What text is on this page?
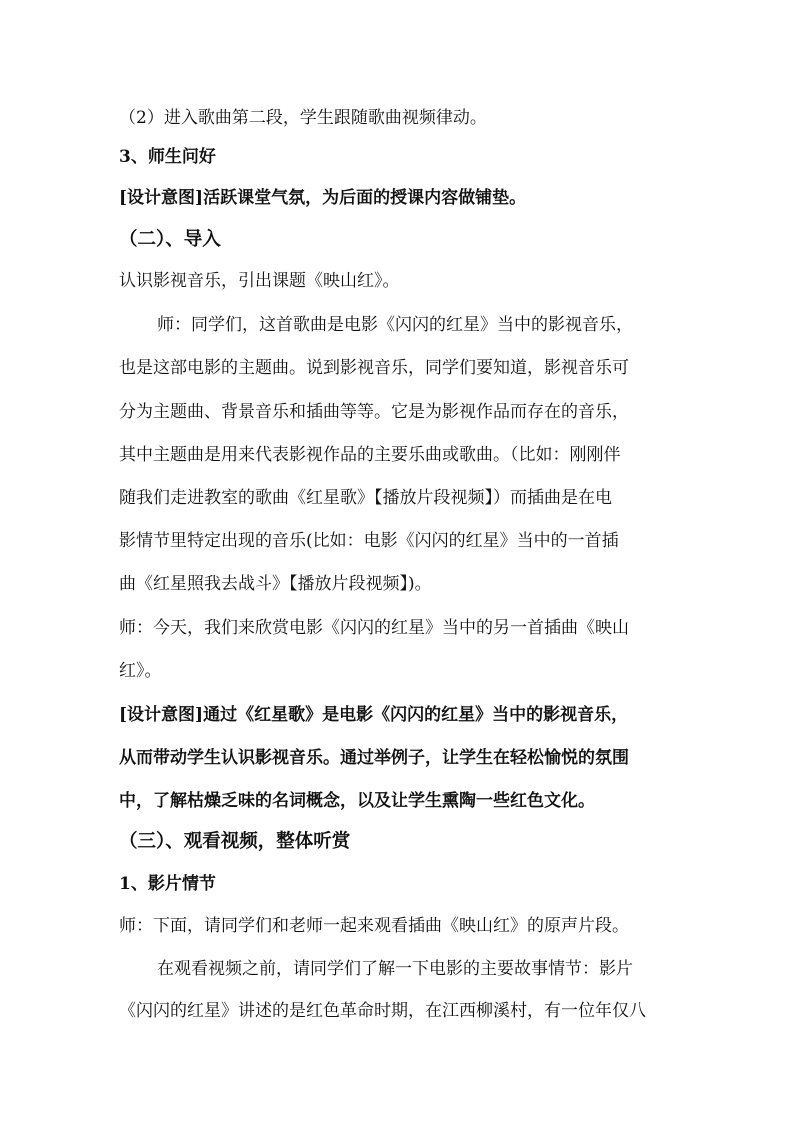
（2）进入歌曲第二段，学生跟随歌曲视频律动。
3、师生问好
[设计意图]活跃课堂气氛，为后面的授课内容做铺垫。
（二）、导入
认识影视音乐，引出课题《映山红》。
师：同学们，这首歌曲是电影《闪闪的红星》当中的影视音乐，
也是这部电影的主题曲。说到影视音乐，同学们要知道，影视音乐可
分为主题曲、背景音乐和插曲等等。它是为影视作品而存在的音乐，
其中主题曲是用来代表影视作品的主要乐曲或歌曲。（比如：刚刚伴
随我们走进教室的歌曲《红星歌》【播放片段视频】）而插曲是在电
影情节里特定出现的音乐(比如：电影《闪闪的红星》当中的一首插
曲《红星照我去战斗》【播放片段视频】)。
师：今天，我们来欣赏电影《闪闪的红星》当中的另一首插曲《映山
红》。
[设计意图]通过《红星歌》是电影《闪闪的红星》当中的影视音乐，
从而带动学生认识影视音乐。通过举例子，让学生在轻松愉悦的氛围
中，了解枯燥乏味的名词概念，以及让学生熏陶一些红色文化。
（三）、观看视频，整体听赏
1、影片情节
师：下面，请同学们和老师一起来观看插曲《映山红》的原声片段。
在观看视频之前，请同学们了解一下电影的主要故事情节：影片
《闪闪的红星》讲述的是红色革命时期，在江西柳溪村，有一位年仅八
